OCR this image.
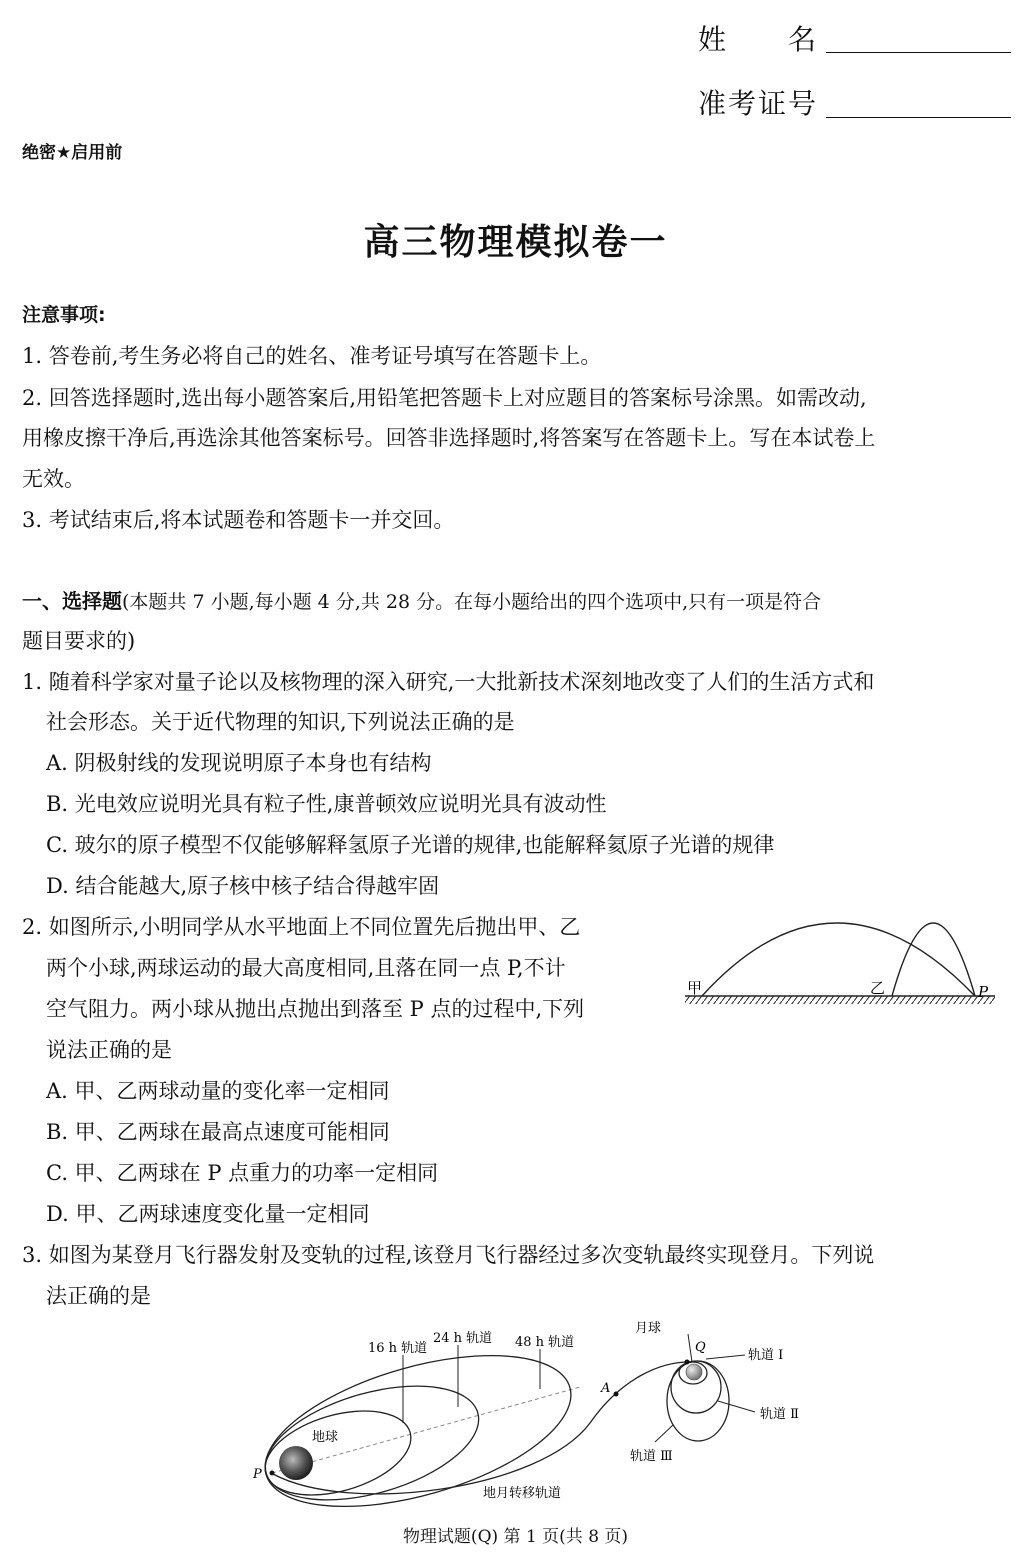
姓　　名
准考证号
绝密★启用前
高三物理模拟卷一
注意事项:
1. 答卷前,考生务必将自己的姓名、准考证号填写在答题卡上。
2. 回答选择题时,选出每小题答案后,用铅笔把答题卡上对应题目的答案标号涂黑。如需改动,
用橡皮擦干净后,再选涂其他答案标号。回答非选择题时,将答案写在答题卡上。写在本试卷上
无效。
3. 考试结束后,将本试题卷和答题卡一并交回。
一、选择题(本题共 7 小题,每小题 4 分,共 28 分。在每小题给出的四个选项中,只有一项是符合
题目要求的)
1. 随着科学家对量子论以及核物理的深入研究,一大批新技术深刻地改变了人们的生活方式和
社会形态。关于近代物理的知识,下列说法正确的是
A. 阴极射线的发现说明原子本身也有结构
B. 光电效应说明光具有粒子性,康普顿效应说明光具有波动性
C. 玻尔的原子模型不仅能够解释氢原子光谱的规律,也能解释氦原子光谱的规律
D. 结合能越大,原子核中核子结合得越牢固
2. 如图所示,小明同学从水平地面上不同位置先后抛出甲、乙
两个小球,两球运动的最大高度相同,且落在同一点 P,不计
空气阻力。两小球从抛出点抛出到落至 P 点的过程中,下列
说法正确的是
A. 甲、乙两球动量的变化率一定相同
B. 甲、乙两球在最高点速度可能相同
C. 甲、乙两球在 P 点重力的功率一定相同
D. 甲、乙两球速度变化量一定相同
甲	乙	P
3. 如图为某登月飞行器发射及变轨的过程,该登月飞行器经过多次变轨最终实现登月。下列说
法正确的是
16 h 轨道
24 h 轨道 48 h 轨道
月球
Q
A
P
地球
轨道 Ⅰ
轨道 Ⅱ
轨道 Ⅲ
地月转移轨道
物理试题(Q) 第 1 页(共 8 页)
